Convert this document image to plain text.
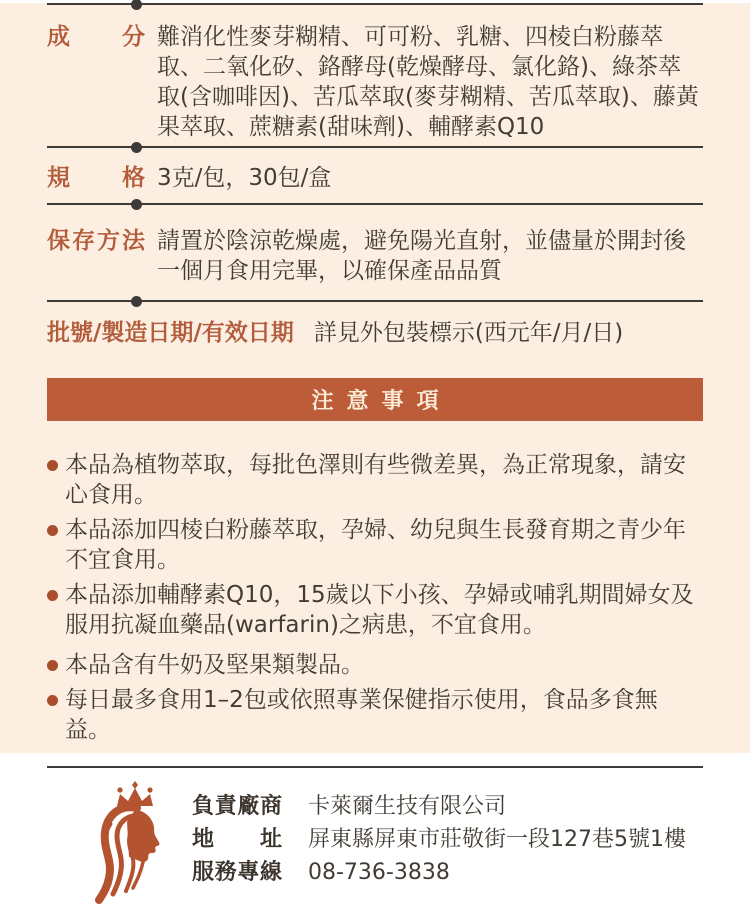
成分 難消化性麥芽糊精、可可粉、乳糖、四棱白粉藤萃取、二氧化矽、鉻酵母(乾燥酵母、氯化鉻)、綠茶萃取(含咖啡因)、苦瓜萃取(麥芽糊精、苦瓜萃取)、藤黃果萃取、蔗糖素(甜味劑)、輔酵素Q10
規格 3克/包，30包/盒
保存方法 請置於陰涼乾燥處，避免陽光直射，並儘量於開封後一個月食用完畢，以確保產品品質
批號/製造日期/有效日期 詳見外包裝標示(西元年/月/日)
注意事項
本品為植物萃取，每批色澤則有些微差異，為正常現象，請安心食用。
本品添加四棱白粉藤萃取，孕婦、幼兒與生長發育期之青少年不宜食用。
本品添加輔酵素Q10，15歲以下小孩、孕婦或哺乳期間婦女及服用抗凝血藥品(warfarin)之病患，不宜食用。
本品含有牛奶及堅果類製品。
每日最多食用1–2包或依照專業保健指示使用，食品多食無益。
負責廠商 卡萊爾生技有限公司
地址 屏東縣屏東市莊敬街一段127巷5號1樓
服務專線 08-736-3838
